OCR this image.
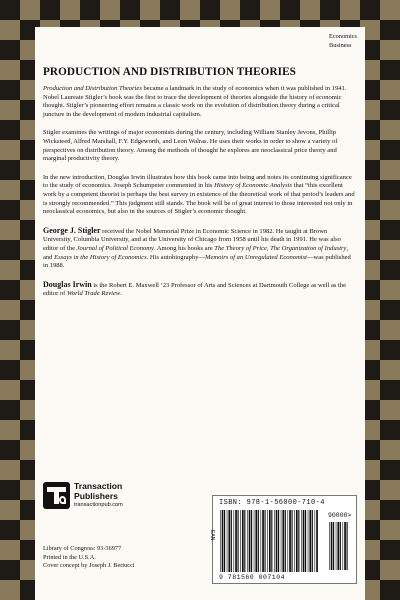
Economics
Business
PRODUCTION AND DISTRIBUTION THEORIES

Production and Distribution Theories became a landmark in the study of economics when it was published in 1941. Nobel Laureate Stigler’s book was the first to trace the development of theories alongside the history of economic thought. Stigler’s pioneering effort remains a classic work on the evolution of distribution theory during a critical juncture in the development of modern industrial capitalism.

Stigler examines the writings of major economists during the century, including William Stanley Jevons, Phillip Wicksteed, Alfred Marshall, F.Y. Edgeworth, and Leon Walras. He uses their works in order to show a variety of perspectives on distribution theory. Among the methods of thought he explores are neoclassical price theory and marginal productivity theory.

In the new introduction, Douglas Irwin illustrates how this book came into being and notes its continuing significance to the study of economics. Joseph Schumpeter commented in his History of Economic Analysis that “this excellent work by a competent theorist is perhaps the best survey in existence of the theoretical work of that period’s leaders and is strongly recommended.” This judgment still stands. The book will be of great interest to those interested not only in neoclassical economics, but also in the sources of Stigler’s economic thought.

George J. Stigler received the Nobel Memorial Prize in Economic Science in 1982. He taught at Brown University, Columbia University, and at the University of Chicago from 1958 until his death in 1991. He was also editor of the Journal of Political Economy. Among his books are The Theory of Price, The Organization of Industry, and Essays in the History of Economics. His autobiography—Memoirs of an Unregulated Economist—was published in 1988.

Douglas Irwin is the Robert E. Maxwell ’23 Professor of Arts and Sciences at Dartmouth College as well as the editor of World Trade Review.

Transaction
Publishers
transactionpub.com
Library of Congress: 93-36977
Printed in the U.S.A.
Cover concept by Joseph J. Bertucci
ISBN: 978-1-56000-710-4
EAN
90000>
9 781560 007104
